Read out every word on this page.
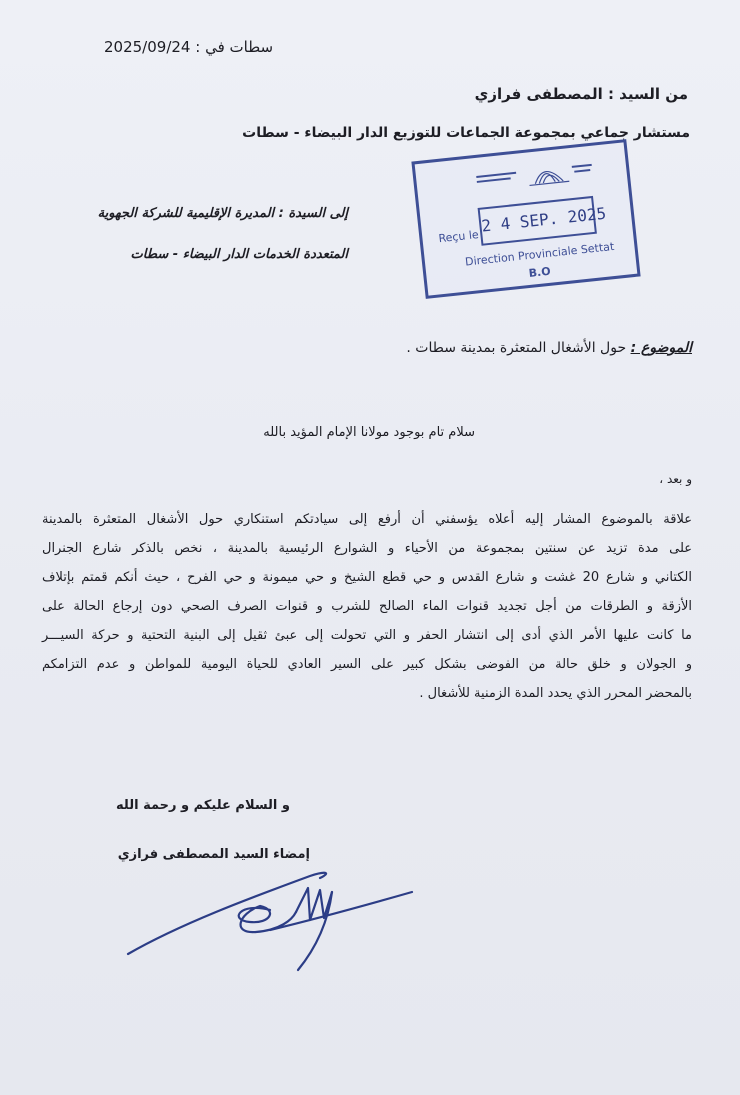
سطات في : 2025/09/24
من السيد : المصطفى فرازي
مستشار جماعي بمجموعة الجماعات للتوزيع الدار البيضاء - سطات
إلى السيدة : المديرة الإقليمية للشركة الجهوية
المتعددة الخدمات الدار البيضاء - سطات
Reçu le
2 4 SEP. 2025
Direction Provinciale Settat
B.O
الموضوع : حول الأشغال المتعثرة بمدينة سطات .
سلام تام بوجود مولانا الإمام المؤيد بالله
و بعد ،
علاقة بالموضوع المشار إليه أعلاه يؤسفني أن أرفع إلى سيادتكم استنكاري حول الأشغال المتعثرة بالمدينة
على مدة تزيد عن سنتين بمجموعة من الأحياء و الشوارع الرئيسية بالمدينة ، نخص بالذكر شارع الجنرال
الكتاني و شارع 20 غشت و شارع القدس و حي قطع الشيخ و حي ميمونة و حي الفرح ، حيث أنكم قمتم بإتلاف
الأزقة و الطرقات من أجل تجديد قنوات الماء الصالح للشرب و قنوات الصرف الصحي دون إرجاع الحالة على
ما كانت عليها الأمر الذي أدى إلى انتشار الحفر و التي تحولت إلى عبئ ثقيل إلى البنية التحتية و حركة السيـــر
و الجولان و خلق حالة من الفوضى بشكل كبير على السير العادي للحياة اليومية للمواطن و عدم التزامكم
بالمحضر المحرر الذي يحدد المدة الزمنية للأشغال .
و السلام عليكم و رحمة الله
إمضاء السيد المصطفى فرازي
